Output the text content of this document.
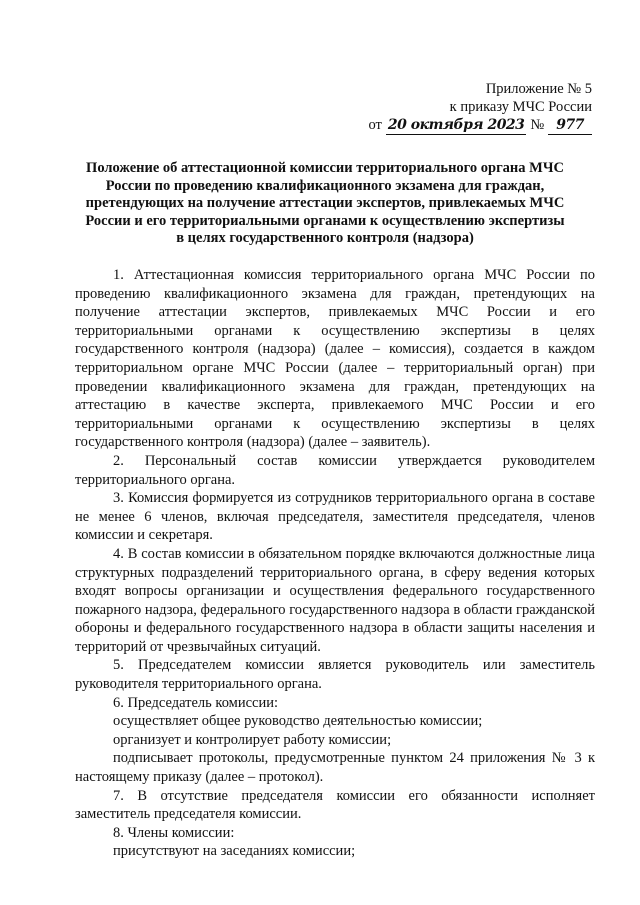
Приложение № 5
к приказу МЧС России
от 20 октября 2023 № 977
Положение об аттестационной комиссии территориального органа МЧС России по проведению квалификационного экзамена для граждан, претендующих на получение аттестации экспертов, привлекаемых МЧС России и его территориальными органами к осуществлению экспертизы в целях государственного контроля (надзора)

1. Аттестационная комиссия территориального органа МЧС России по проведению квалификационного экзамена для граждан, претендующих на получение аттестации экспертов, привлекаемых МЧС России и его территориальными органами к осуществлению экспертизы в целях государственного контроля (надзора) (далее – комиссия), создается в каждом территориальном органе МЧС России (далее – территориальный орган) при проведении квалификационного экзамена для граждан, претендующих на аттестацию в качестве эксперта, привлекаемого МЧС России и его территориальными органами к осуществлению экспертизы в целях государственного контроля (надзора) (далее – заявитель).

2. Персональный состав комиссии утверждается руководителем территориального органа.

3. Комиссия формируется из сотрудников территориального органа в составе не менее 6 членов, включая председателя, заместителя председателя, членов комиссии и секретаря.

4. В состав комиссии в обязательном порядке включаются должностные лица структурных подразделений территориального органа, в сферу ведения которых входят вопросы организации и осуществления федерального государственного пожарного надзора, федерального государственного надзора в области гражданской обороны и федерального государственного надзора в области защиты населения и территорий от чрезвычайных ситуаций.

5. Председателем комиссии является руководитель или заместитель руководителя территориального органа.

6. Председатель комиссии:

осуществляет общее руководство деятельностью комиссии;

организует и контролирует работу комиссии;

подписывает протоколы, предусмотренные пунктом 24 приложения № 3 к настоящему приказу (далее – протокол).

7. В отсутствие председателя комиссии его обязанности исполняет заместитель председателя комиссии.

8. Члены комиссии:

присутствуют на заседаниях комиссии;
